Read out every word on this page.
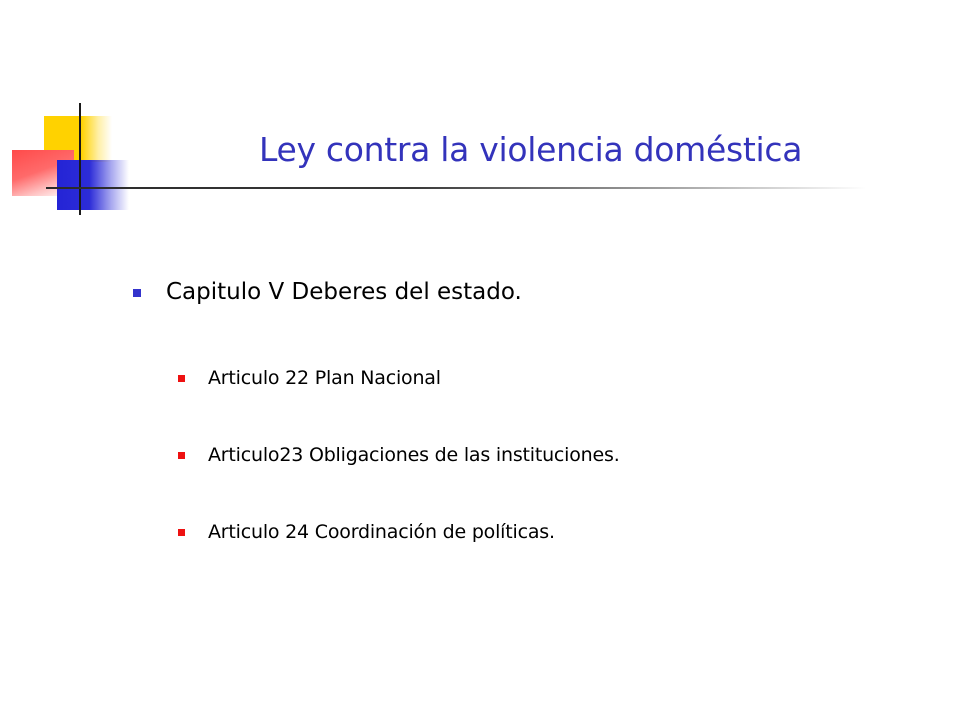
Ley contra la violencia doméstica
Capitulo V Deberes del estado.
Articulo 22 Plan Nacional
Articulo23 Obligaciones de las instituciones.
Articulo 24 Coordinación de políticas.
